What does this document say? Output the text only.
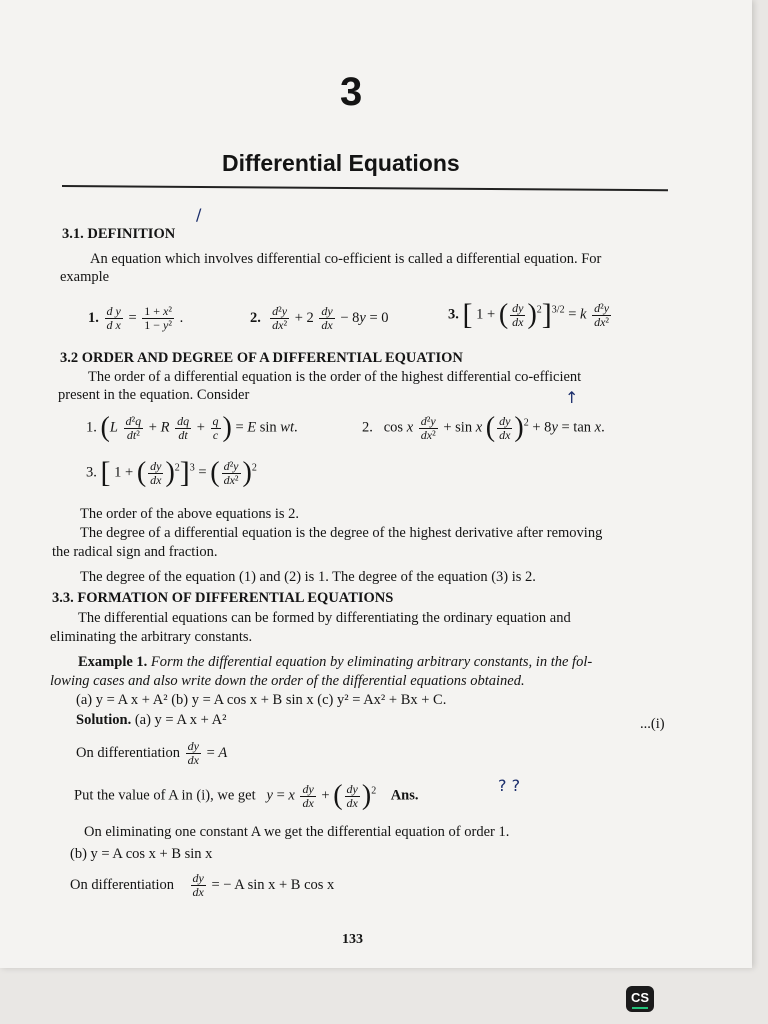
3
Differential Equations
3.1. DEFINITION
/
An equation which involves differential co-efficient is called a differential equation. For
example
1. $\frac{\text{d y}}{\text{d x}} = \frac{\text{1 + x²}}{\text{1 − y²}}$ .	2. $\frac{\text{d²y}}{\text{dx²}} + 2 \frac{dy}{dx} - 8y = 0$	3. [ 1 + ( $\frac{dy}{dx} )^2]^{3/2} = k \frac{\text{d²y}}{\text{dx²}}$
3.2 ORDER AND DEGREE OF A DIFFERENTIAL EQUATION
The order of a differential equation is the order of the highest differential co-efficient
present in the equation. Consider	↑
1. ($L \frac{\text{d²q}}{\text{dt²}} + R \frac{dq}{dt} + \frac{q}{c}$ ) = E sin wt.	2.   cos x $\frac{\text{d²y}}{\text{dx²}} + \sin x$ ( $\frac{dy}{dx} )^2 + 8y = \tan x$.
3. [ 1 + ( $\frac{dy}{dx} )^2]^3$ = ( $\frac{\text{d²y}}{\text{dx²}} )^2$
The order of the above equations is 2.
The degree of a differential equation is the degree of the highest derivative after removing
the radical sign and fraction.
The degree of the equation (1) and (2) is 1. The degree of the equation (3) is 2.
3.3. FORMATION OF DIFFERENTIAL EQUATIONS
The differential equations can be formed by differentiating the ordinary equation and
eliminating the arbitrary constants.
Example 1. Form the differential equation by eliminating arbitrary constants, in the fol-
lowing cases and also write down the order of the differential equations obtained.
(a) y = A x + A² (b) y = A cos x + B sin x (c) y² = Ax² + Bx + C.
Solution. (a) y = A x + A²	...(i)
On differentiation $\frac{dy}{dx} = A$
Put the value of A in (i), we get y = x $\frac{dy}{dx}$ + ( $\frac{dy}{dx} )^2$ Ans.
? ?
On eliminating one constant A we get the differential equation of order 1.
(b) y = A cos x + B sin x
On differentiation $\frac{dy}{dx}$ = − A sin x + B cos x
133
CS
